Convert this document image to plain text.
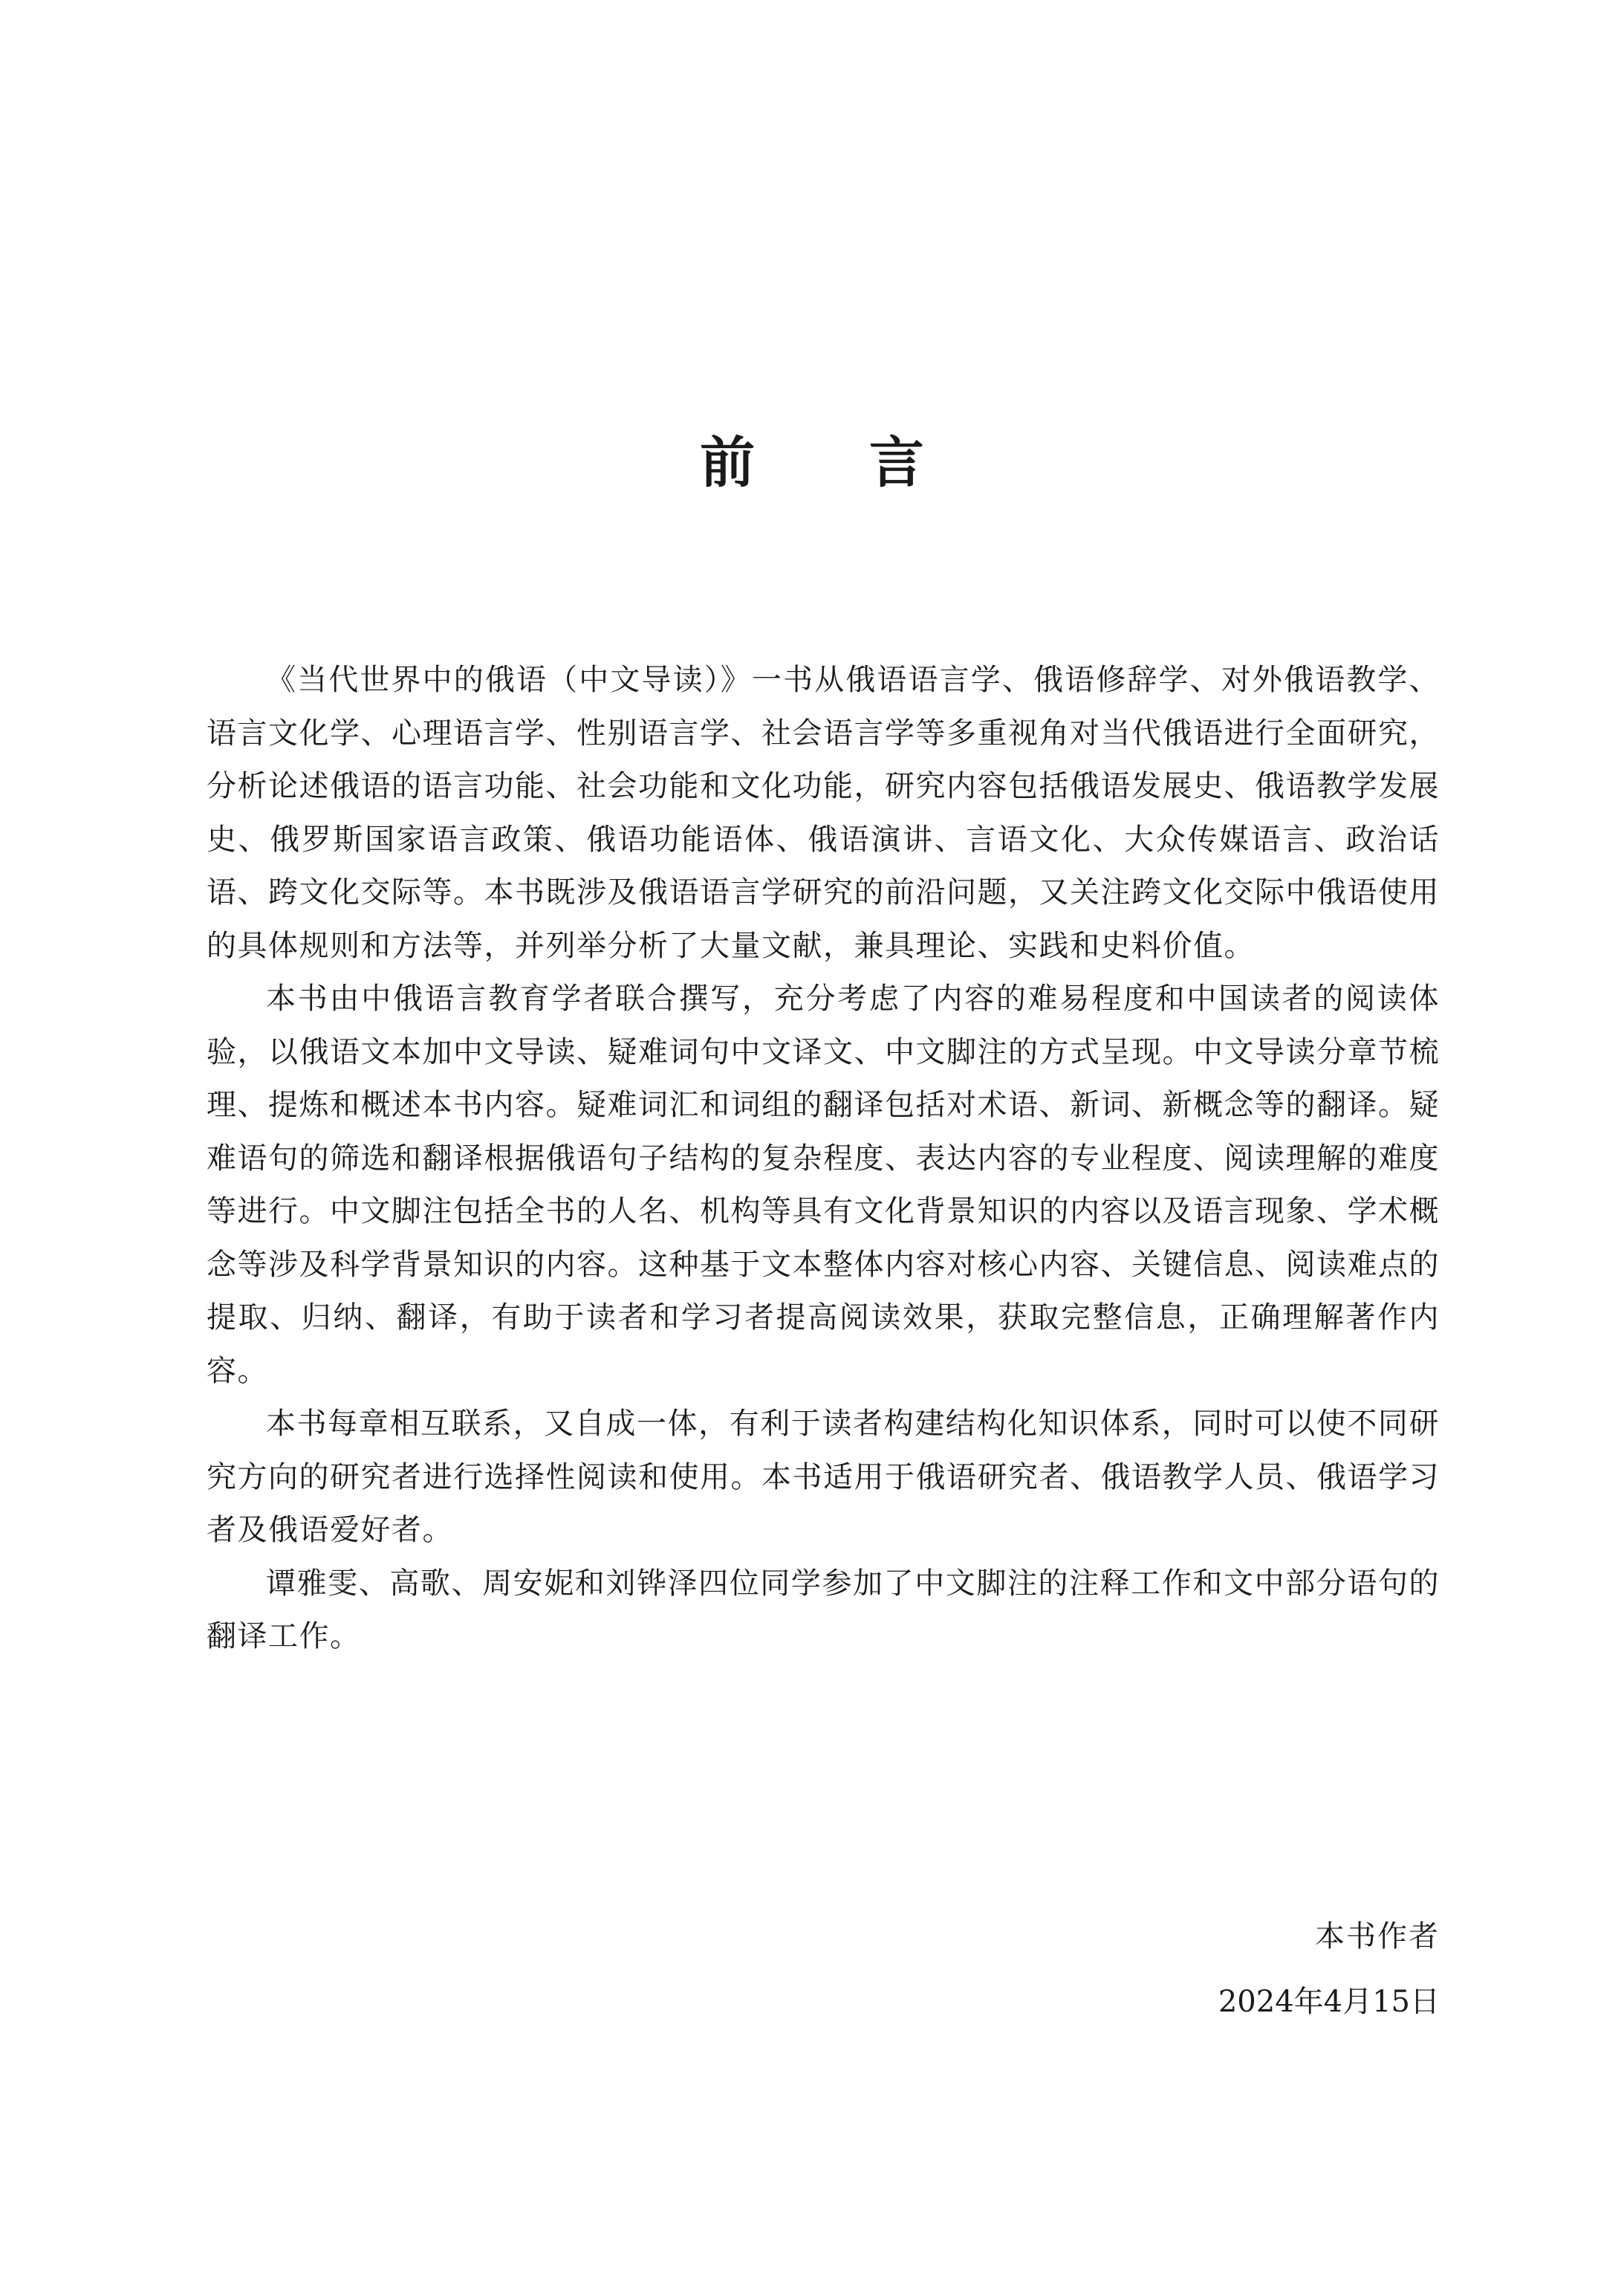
前 言

《当代世界中的俄语（中文导读）》一书从俄语语言学、俄语修辞学、对外俄语教学、语言文化学、心理语言学、性别语言学、社会语言学等多重视角对当代俄语进行全面研究，分析论述俄语的语言功能、社会功能和文化功能，研究内容包括俄语发展史、俄语教学发展史、俄罗斯国家语言政策、俄语功能语体、俄语演讲、言语文化、大众传媒语言、政治话语、跨文化交际等。本书既涉及俄语语言学研究的前沿问题，又关注跨文化交际中俄语使用的具体规则和方法等，并列举分析了大量文献，兼具理论、实践和史料价值。

本书由中俄语言教育学者联合撰写，充分考虑了内容的难易程度和中国读者的阅读体验，以俄语文本加中文导读、疑难词句中文译文、中文脚注的方式呈现。中文导读分章节梳理、提炼和概述本书内容。疑难词汇和词组的翻译包括对术语、新词、新概念等的翻译。疑难语句的筛选和翻译根据俄语句子结构的复杂程度、表达内容的专业程度、阅读理解的难度等进行。中文脚注包括全书的人名、机构等具有文化背景知识的内容以及语言现象、学术概念等涉及科学背景知识的内容。这种基于文本整体内容对核心内容、关键信息、阅读难点的提取、归纳、翻译，有助于读者和学习者提高阅读效果，获取完整信息，正确理解著作内容。

本书每章相互联系，又自成一体，有利于读者构建结构化知识体系，同时可以使不同研究方向的研究者进行选择性阅读和使用。本书适用于俄语研究者、俄语教学人员、俄语学习者及俄语爱好者。

谭雅雯、高歌、周安妮和刘铧泽四位同学参加了中文脚注的注释工作和文中部分语句的翻译工作。

本书作者
2024年4月15日
